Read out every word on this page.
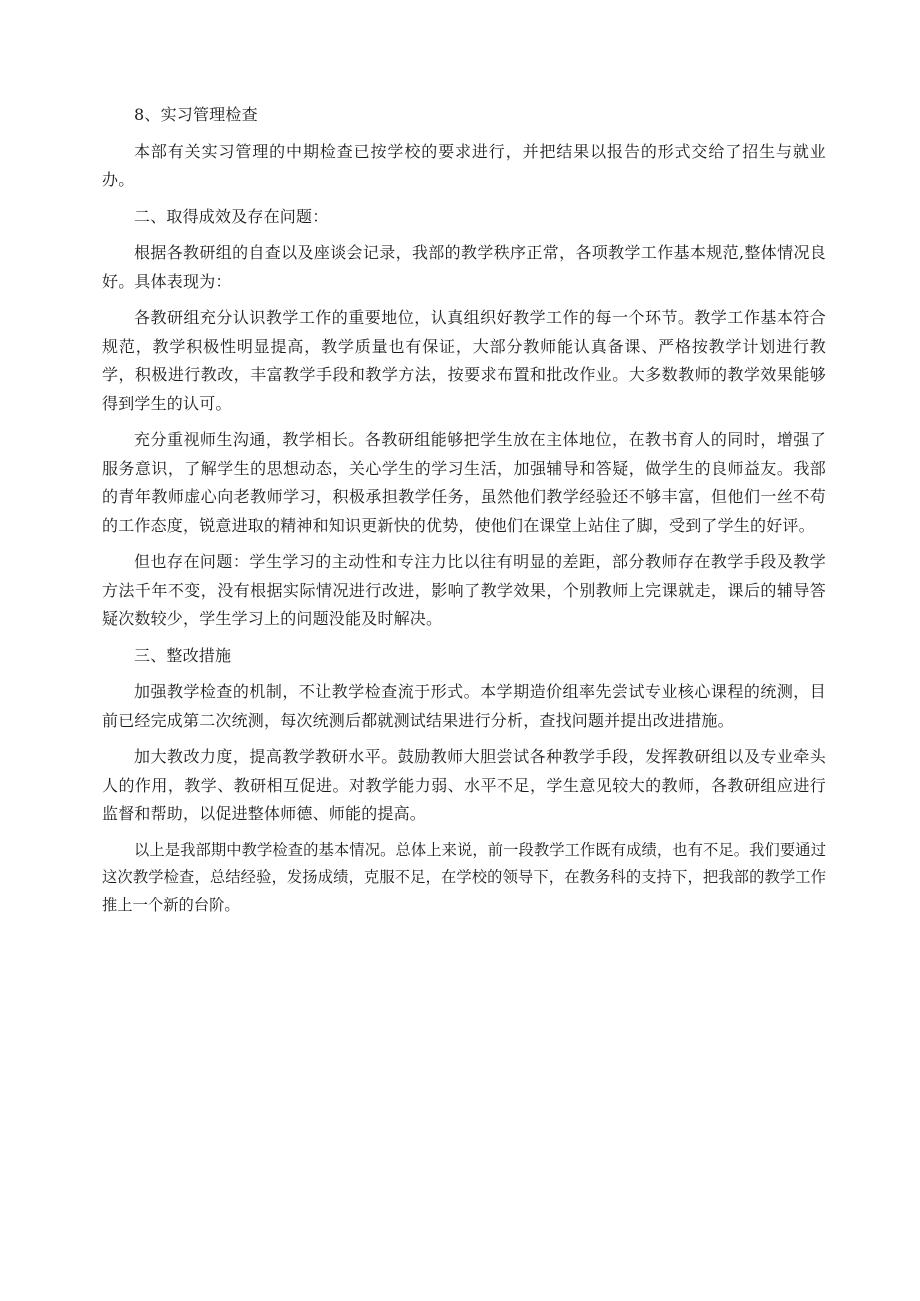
8、实习管理检查

本部有关实习管理的中期检查已按学校的要求进行，并把结果以报告的形式交给了招生与就业办。

二、取得成效及存在问题：

根据各教研组的自查以及座谈会记录，我部的教学秩序正常，各项教学工作基本规范,整体情况良好。具体表现为：

各教研组充分认识教学工作的重要地位，认真组织好教学工作的每一个环节。教学工作基本符合规范，教学积极性明显提高，教学质量也有保证，大部分教师能认真备课、严格按教学计划进行教学，积极进行教改，丰富教学手段和教学方法，按要求布置和批改作业。大多数教师的教学效果能够得到学生的认可。

充分重视师生沟通，教学相长。各教研组能够把学生放在主体地位，在教书育人的同时，增强了服务意识，了解学生的思想动态，关心学生的学习生活，加强辅导和答疑，做学生的良师益友。我部的青年教师虚心向老教师学习，积极承担教学任务，虽然他们教学经验还不够丰富，但他们一丝不苟的工作态度，锐意进取的精神和知识更新快的优势，使他们在课堂上站住了脚，受到了学生的好评。

但也存在问题：学生学习的主动性和专注力比以往有明显的差距，部分教师存在教学手段及教学方法千年不变，没有根据实际情况进行改进，影响了教学效果，个别教师上完课就走，课后的辅导答疑次数较少，学生学习上的问题没能及时解决。

三、整改措施

加强教学检查的机制，不让教学检查流于形式。本学期造价组率先尝试专业核心课程的统测，目前已经完成第二次统测，每次统测后都就测试结果进行分析，查找问题并提出改进措施。

加大教改力度，提高教学教研水平。鼓励教师大胆尝试各种教学手段，发挥教研组以及专业牵头人的作用，教学、教研相互促进。对教学能力弱、水平不足，学生意见较大的教师，各教研组应进行监督和帮助，以促进整体师德、师能的提高。

以上是我部期中教学检查的基本情况。总体上来说，前一段教学工作既有成绩，也有不足。我们要通过这次教学检查，总结经验，发扬成绩，克服不足，在学校的领导下，在教务科的支持下，把我部的教学工作推上一个新的台阶。
